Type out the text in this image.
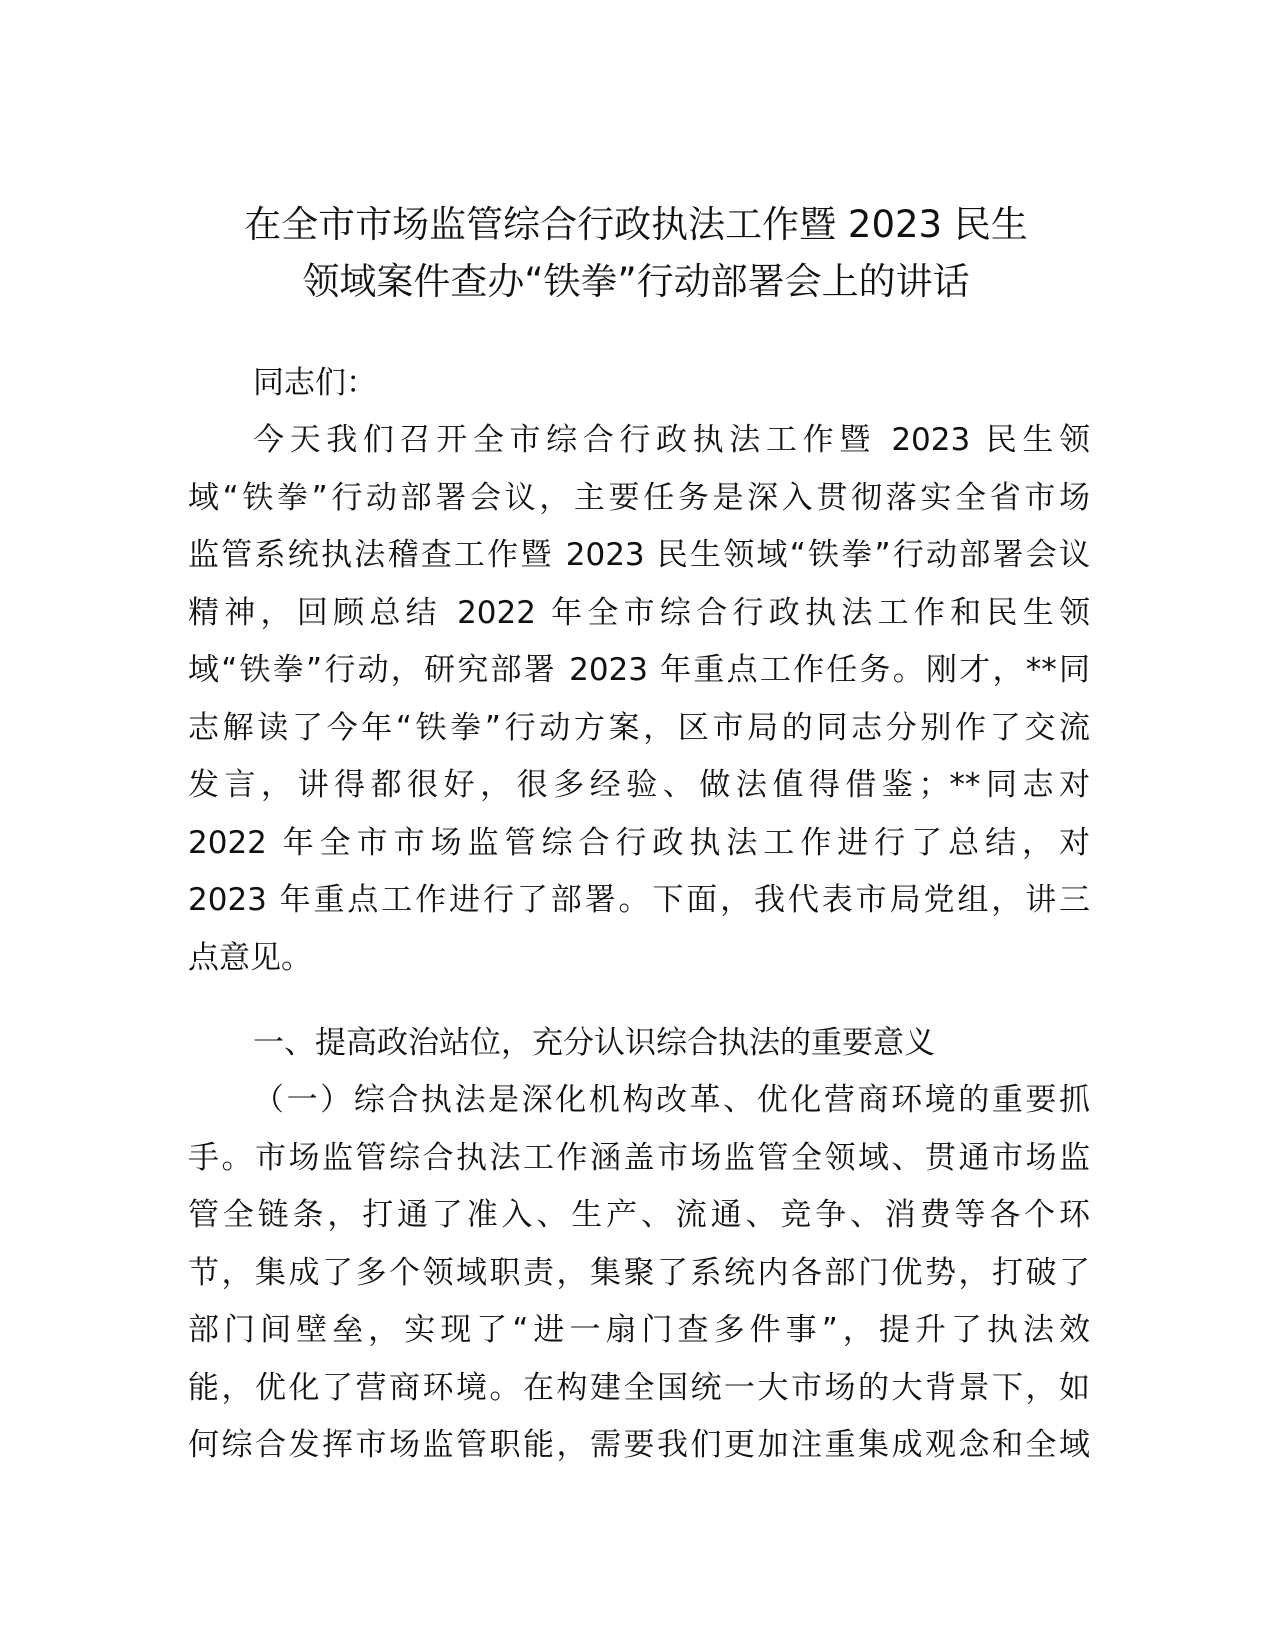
在全市市场监管综合行政执法工作暨 2023 民生
领域案件查办“铁拳”行动部署会上的讲话

同志们：

今天我们召开全市综合行政执法工作暨 2023 民生领
域“铁拳”行动部署会议，主要任务是深入贯彻落实全省市场
监管系统执法稽查工作暨 2023 民生领域“铁拳”行动部署会议
精神，回顾总结 2022 年全市综合行政执法工作和民生领
域“铁拳”行动，研究部署 2023 年重点工作任务。刚才，**同
志解读了今年“铁拳”行动方案，区市局的同志分别作了交流
发言，讲得都很好，很多经验、做法值得借鉴；**同志对
2022 年全市市场监管综合行政执法工作进行了总结，对
2023 年重点工作进行了部署。下面，我代表市局党组，讲三
点意见。

一、提高政治站位，充分认识综合执法的重要意义

（一）综合执法是深化机构改革、优化营商环境的重要抓
手。市场监管综合执法工作涵盖市场监管全领域、贯通市场监
管全链条，打通了准入、生产、流通、竞争、消费等各个环
节，集成了多个领域职责，集聚了系统内各部门优势，打破了
部门间壁垒，实现了“进一扇门查多件事”，提升了执法效
能，优化了营商环境。在构建全国统一大市场的大背景下，如
何综合发挥市场监管职能，需要我们更加注重集成观念和全域
